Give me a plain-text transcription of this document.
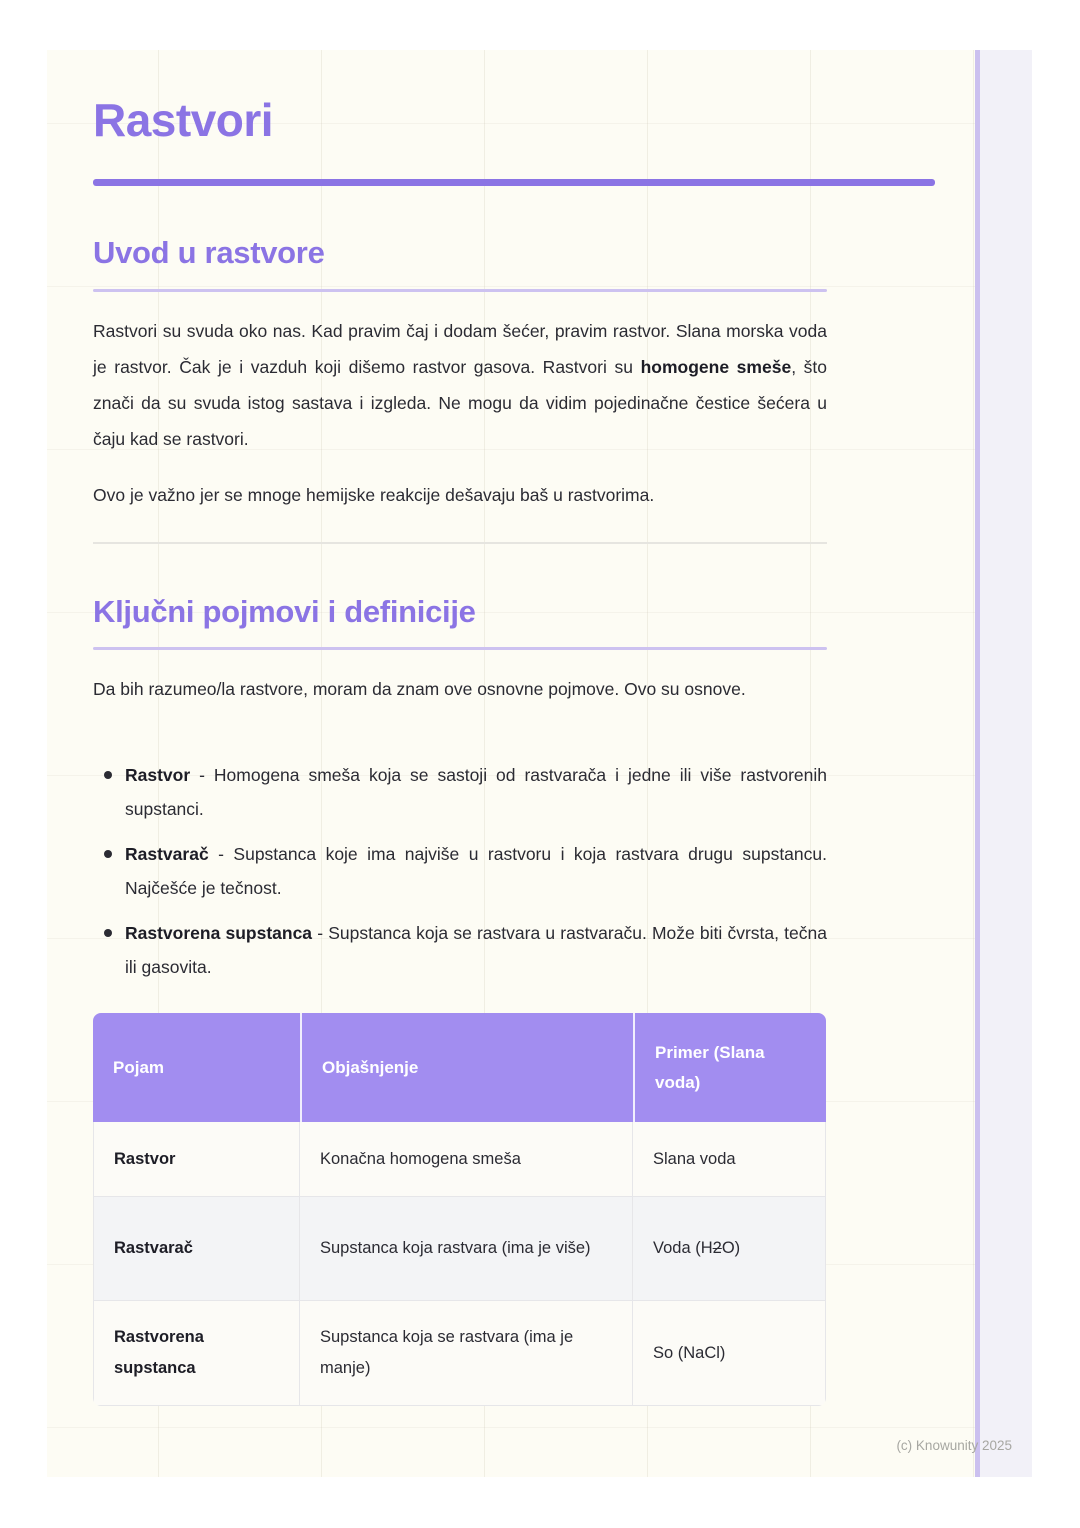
Rastvori
Uvod u rastvore

Rastvori su svuda oko nas. Kad pravim čaj i dodam šećer, pravim rastvor. Slana morska voda je rastvor. Čak je i vazduh koji dišemo rastvor gasova. Rastvori su homogene smeše, što znači da su svuda istog sastava i izgleda. Ne mogu da vidim pojedinačne čestice šećera u čaju kad se rastvori.

Ovo je važno jer se mnoge hemijske reakcije dešavaju baš u rastvorima.

Ključni pojmovi i definicije

Da bih razumeo/la rastvore, moram da znam ove osnovne pojmove. Ovo su osnove.

Rastvor - Homogena smeša koja se sastoji od rastvarača i jedne ili više rastvorenih supstanci.
Rastvarač - Supstanca koje ima najviše u rastvoru i koja rastvara drugu supstancu. Najčešće je tečnost.
Rastvorena supstanca - Supstanca koja se rastvara u rastvaraču. Može biti čvrsta, tečna ili gasovita.
Pojam	Objašnjenje	Primer (Slana voda)
Rastvor	Konačna homogena smeša	Slana voda
Rastvarač	Supstanca koja rastvara (ima je više)	Voda (H2O)
Rastvorena supstanca	Supstanca koja se rastvara (ima je manje)	So (NaCl)
(c) Knowunity 2025
